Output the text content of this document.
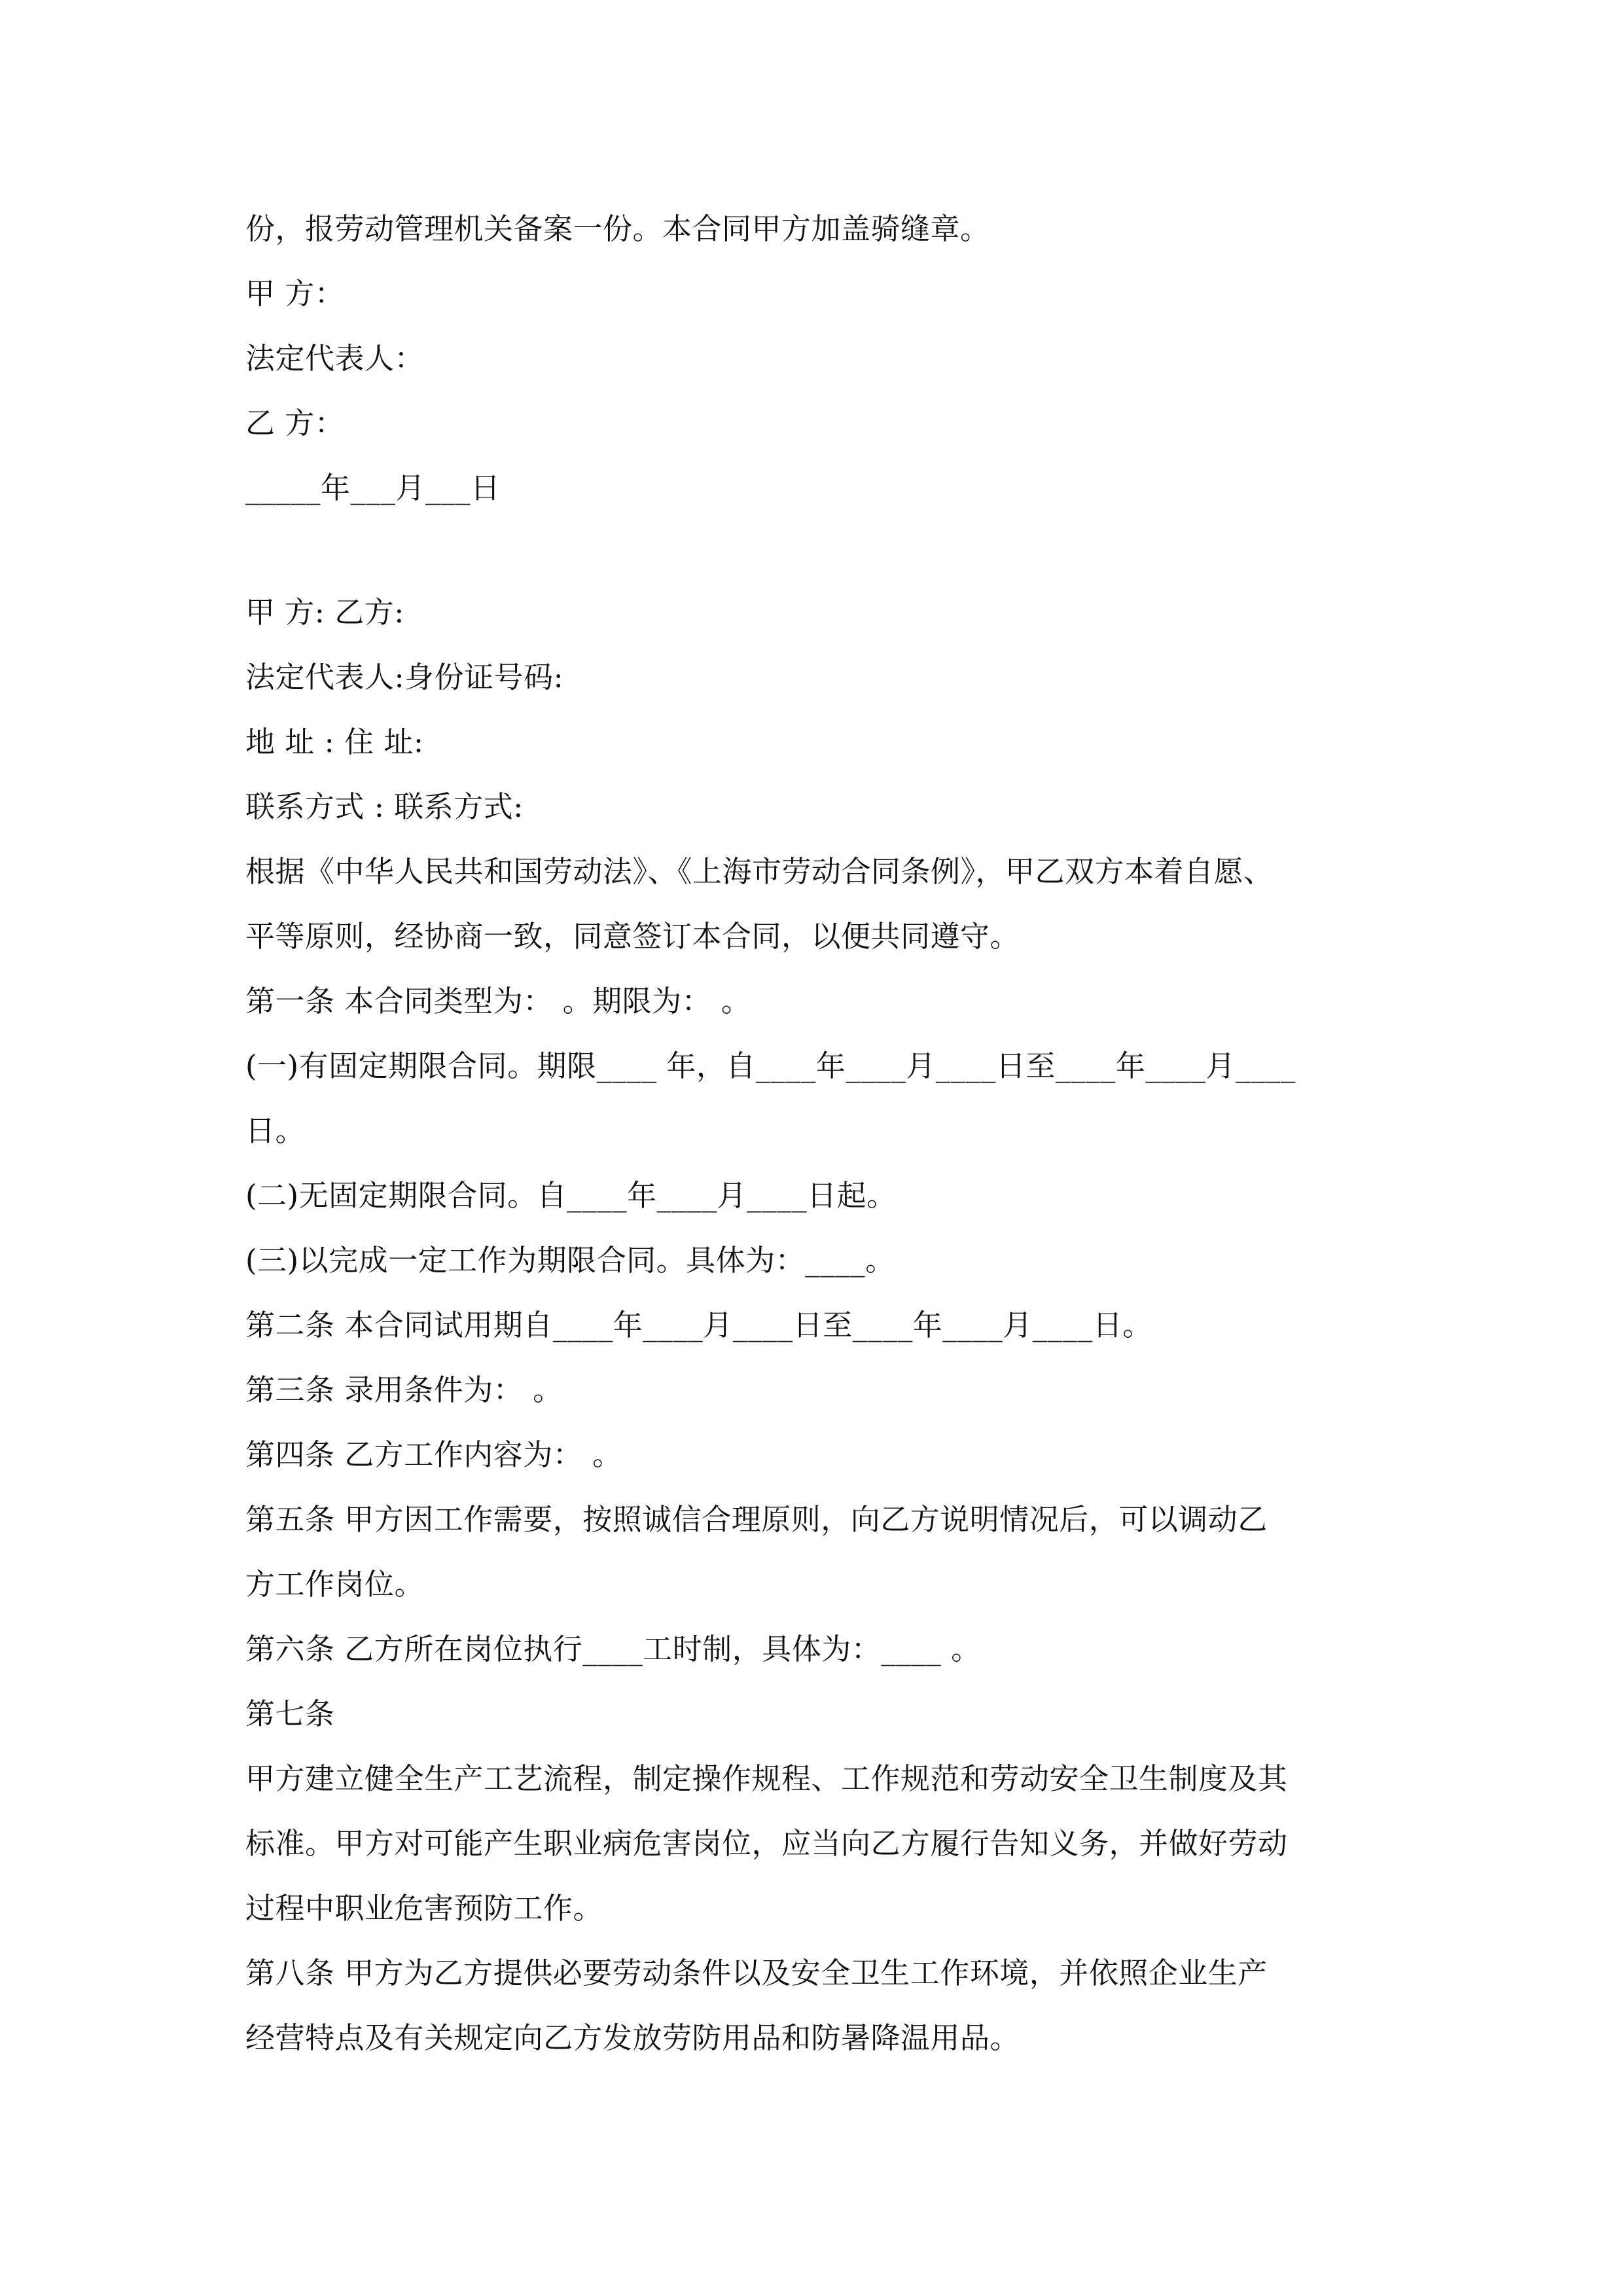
份，报劳动管理机关备案一份。本合同甲方加盖骑缝章。
甲 方：
法定代表人：
乙 方：
_____年___月___日
甲 方: 乙方:
法定代表人:身份证号码:
地 址 : 住 址:
联系方式 : 联系方式:
根据《中华人民共和国劳动法》、《上海市劳动合同条例》，甲乙双方本着自愿、
平等原则，经协商一致，同意签订本合同，以便共同遵守。
第一条 本合同类型为： 。期限为： 。
(一)有固定期限合同。期限____ 年，自____年____月____日至____年____月____
日。
(二)无固定期限合同。自____年____月____日起。
(三)以完成一定工作为期限合同。具体为：____。
第二条 本合同试用期自____年____月____日至____年____月____日。
第三条 录用条件为： 。
第四条 乙方工作内容为： 。
第五条 甲方因工作需要，按照诚信合理原则，向乙方说明情况后，可以调动乙
方工作岗位。
第六条 乙方所在岗位执行____工时制，具体为：____ 。
第七条
甲方建立健全生产工艺流程，制定操作规程、工作规范和劳动安全卫生制度及其
标准。甲方对可能产生职业病危害岗位，应当向乙方履行告知义务，并做好劳动
过程中职业危害预防工作。
第八条 甲方为乙方提供必要劳动条件以及安全卫生工作环境，并依照企业生产
经营特点及有关规定向乙方发放劳防用品和防暑降温用品。
